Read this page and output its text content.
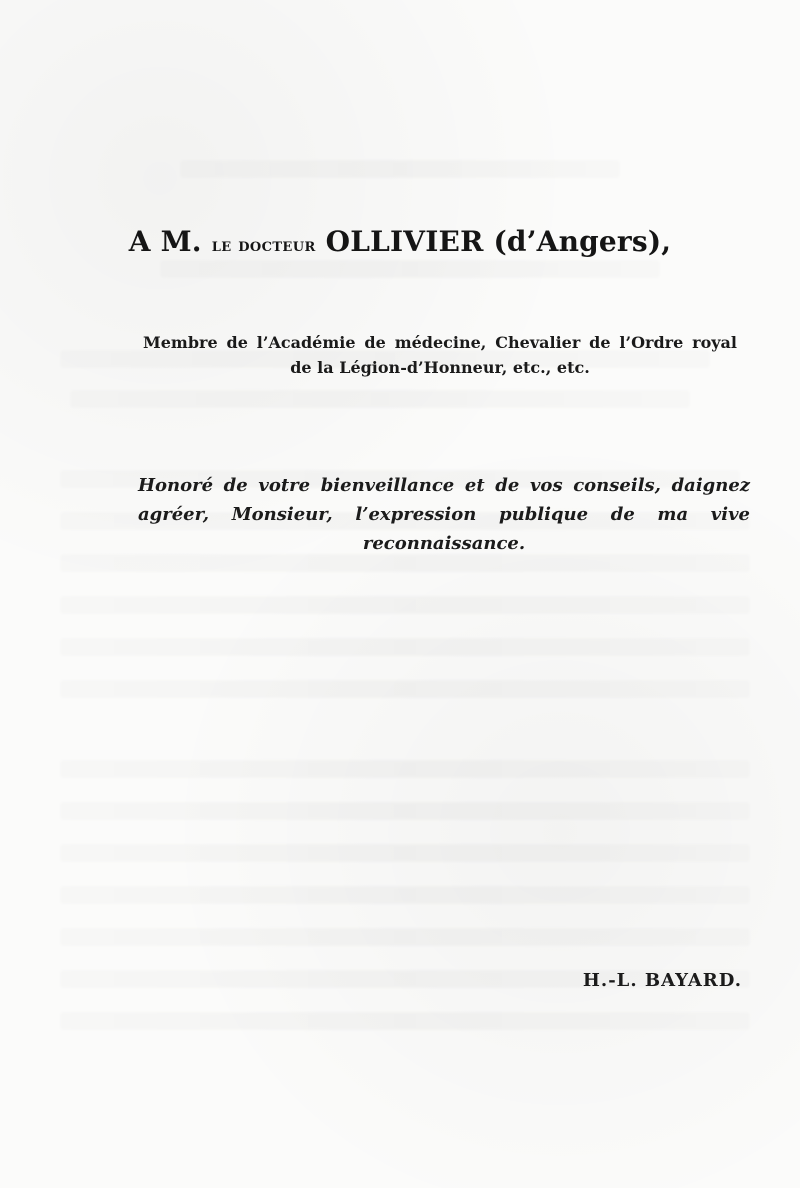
A M. le docteur OLLIVIER (d’Angers),

Membre de l’Académie de médecine, Chevalier de l’Ordre royal de la Légion-d’Honneur, etc., etc.

Honoré de votre bienveillance et de vos conseils, daignez agréer, Monsieur, l’expression publique de ma vive reconnaissance.

H.-L. BAYARD.
